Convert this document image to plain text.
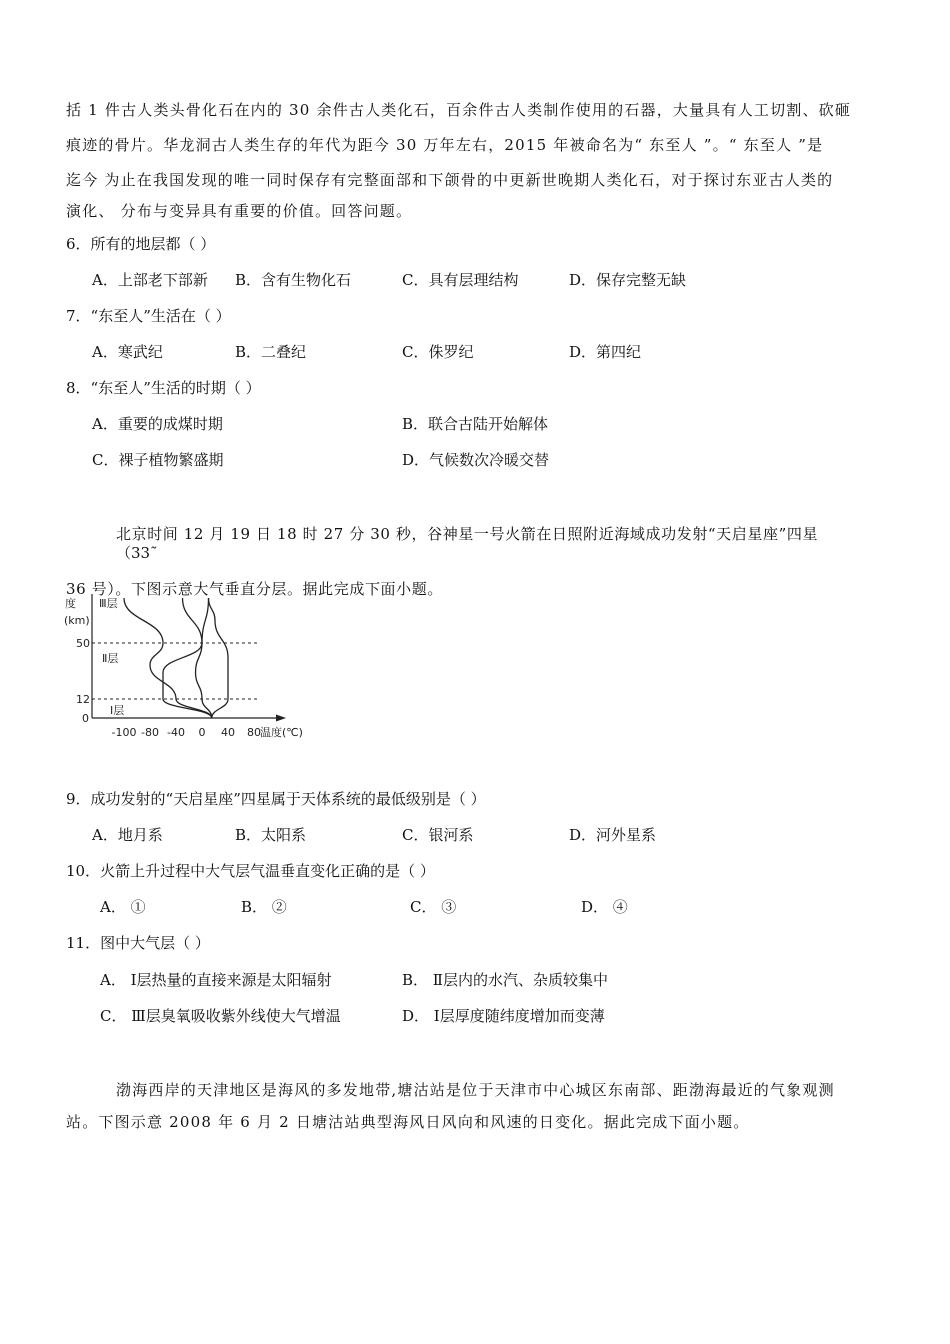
括 1 件古人类头骨化石在内的 30 余件古人类化石，百余件古人类制作使用的石器，大量具有人工切割、砍砸
痕迹的骨片。华龙洞古人类生存的年代为距今 30 万年左右，2015 年被命名为“ 东至人 ”。“ 东至人 ”是
迄今 为止在我国发现的唯一同时保存有完整面部和下颌骨的中更新世晚期人类化石，对于探讨东亚古人类的
演化、 分布与变异具有重要的价值。回答问题。
6．所有的地层都（ ）
A．上部老下部新 B．含有生物化石	C．具有层理结构	D．保存完整无缺
7．“东至人”生活在（ ）
A．寒武纪	B．二叠纪	C．侏罗纪	D．第四纪
8．“东至人”生活的时期（ ）
A．重要的成煤时期	B．联合古陆开始解体
C．裸子植物繁盛期	D．气候数次冷暖交替
北京时间 12 月 19 日 18 时 27 分 30 秒，谷神星一号火箭在日照附近海域成功发射“天启星座”四星
（33˜
36 号）。下图示意大气垂直分层。据此完成下面小题。
度
(km)
50
12
0
Ⅲ层
Ⅱ层
Ⅰ层
-100 -80 -40 0 40 80 温度(℃)
9．成功发射的“天启星座”四星属于天体系统的最低级别是（ ）
A．地月系	B．太阳系	C．银河系	D．河外星系
10．火箭上升过程中大气层气温垂直变化正确的是（ ）
A． ①	B． ②	C． ③	D． ④
11．图中大气层（ ）
A． Ⅰ层热量的直接来源是太阳辐射	B． Ⅱ层内的水汽、杂质较集中
C． Ⅲ层臭氧吸收紫外线使大气增温	D． Ⅰ层厚度随纬度增加而变薄
渤海西岸的天津地区是海风的多发地带,塘沽站是位于天津市中心城区东南部、距渤海最近的气象观测
站。下图示意 2008 年 6 月 2 日塘沽站典型海风日风向和风速的日变化。据此完成下面小题。
